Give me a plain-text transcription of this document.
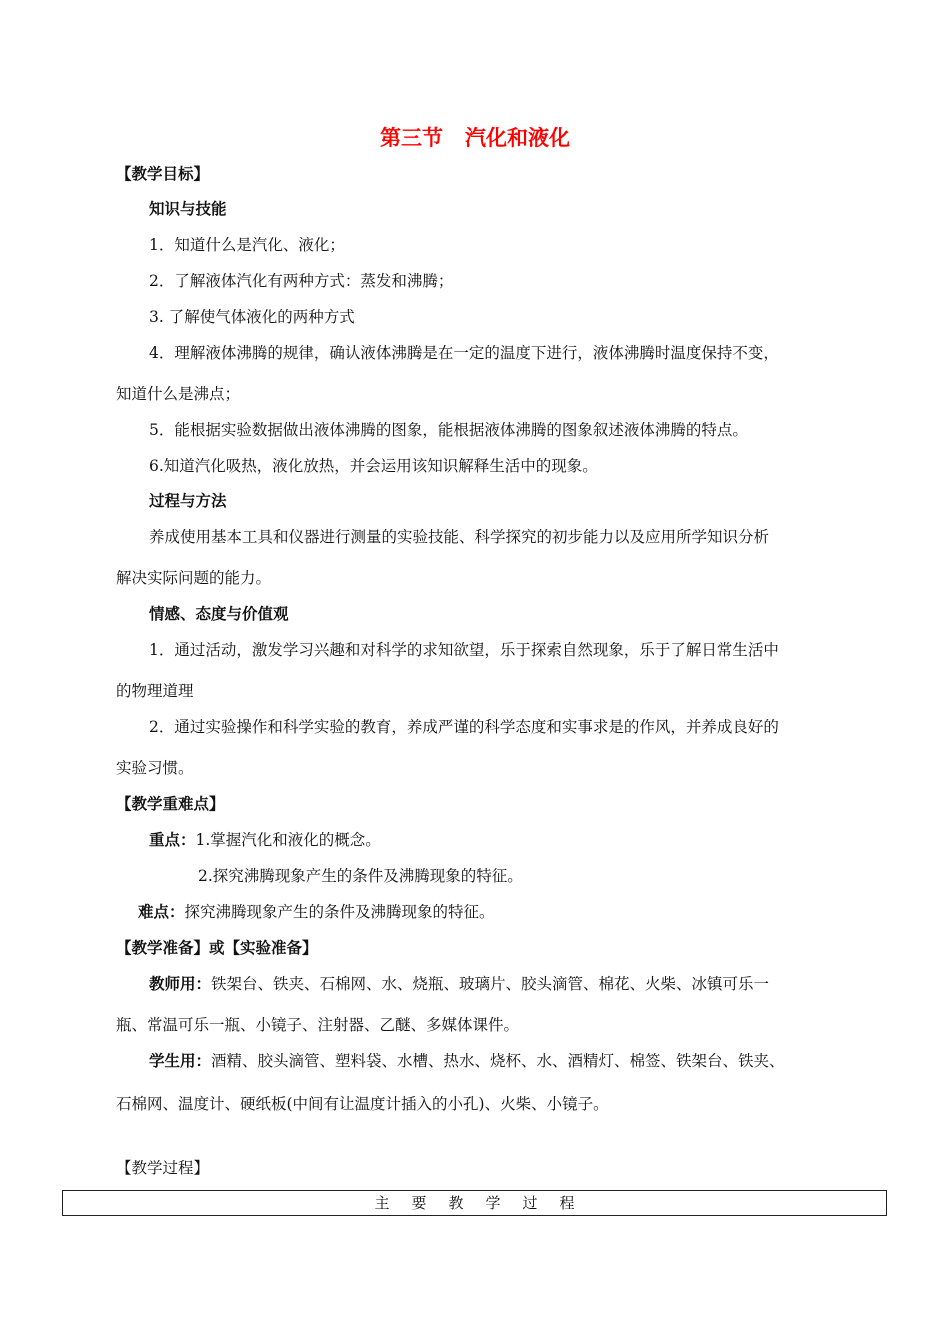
第三节 汽化和液化
【教学目标】
知识与技能
1．知道什么是汽化、液化；
2．了解液体汽化有两种方式：蒸发和沸腾；
3. 了解使气体液化的两种方式
4．理解液体沸腾的规律，确认液体沸腾是在一定的温度下进行，液体沸腾时温度保持不变，
知道什么是沸点；
5．能根据实验数据做出液体沸腾的图象，能根据液体沸腾的图象叙述液体沸腾的特点。
6.知道汽化吸热，液化放热，并会运用该知识解释生活中的现象。
过程与方法
养成使用基本工具和仪器进行测量的实验技能、科学探究的初步能力以及应用所学知识分析
解决实际问题的能力。
情感、态度与价值观
1．通过活动，激发学习兴趣和对科学的求知欲望，乐于探索自然现象，乐于了解日常生活中
的物理道理
2．通过实验操作和科学实验的教育，养成严谨的科学态度和实事求是的作风，并养成良好的
实验习惯。
【教学重难点】
重点：1.掌握汽化和液化的概念。
2.探究沸腾现象产生的条件及沸腾现象的特征。
难点：探究沸腾现象产生的条件及沸腾现象的特征。
【教学准备】或【实验准备】
教师用：铁架台、铁夹、石棉网、水、烧瓶、玻璃片、胶头滴管、棉花、火柴、冰镇可乐一
瓶、常温可乐一瓶、小镜子、注射器、乙醚、多媒体课件。
学生用：酒精、胶头滴管、塑料袋、水槽、热水、烧杯、水、酒精灯、棉签、铁架台、铁夹、
石棉网、温度计、硬纸板(中间有让温度计插入的小孔)、火柴、小镜子。
【教学过程】
主要教学过程
